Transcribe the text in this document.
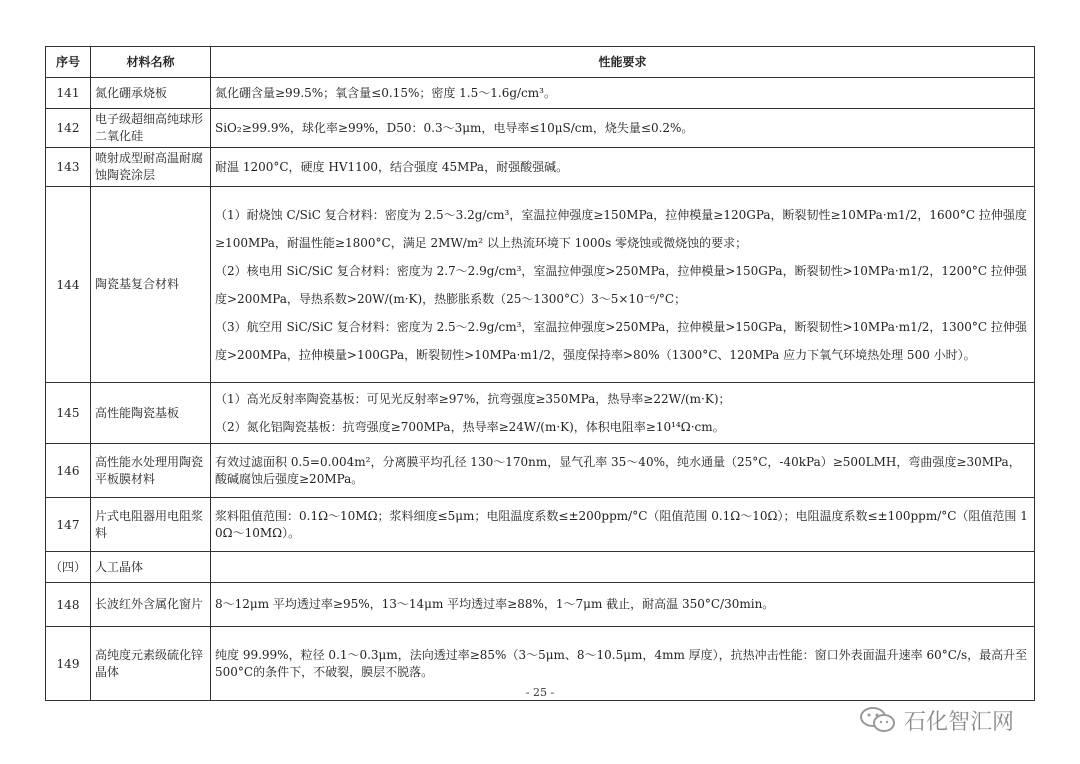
序号	材料名称	性能要求
141	氮化硼承烧板	氮化硼含量≥99.5%；氧含量≤0.15%；密度 1.5～1.6g/cm³。

142	电子级超细高纯球形二氧化硅	SiO₂≥99.9%，球化率≥99%，D50：0.3～3μm，电导率≤10μS/cm，烧失量≤0.2%。

143	喷射成型耐高温耐腐蚀陶瓷涂层	耐温 1200°C，硬度 HV1100，结合强度 45MPa，耐强酸强碱。

144	陶瓷基复合材料	（1）耐烧蚀 C/SiC 复合材料：密度为 2.5～3.2g/cm³，室温拉伸强度≥150MPa，拉伸模量≥120GPa，断裂韧性≥10MPa·m1/2，1600°C 拉伸强度≥100MPa，耐温性能≥1800°C，满足 2MW/m² 以上热流环境下 1000s 零烧蚀或微烧蚀的要求；
（2）核电用 SiC/SiC 复合材料：密度为 2.7～2.9g/cm³，室温拉伸强度>250MPa，拉伸模量>150GPa，断裂韧性>10MPa·m1/2，1200°C 拉伸强度>200MPa，导热系数>20W/(m·K)，热膨胀系数（25～1300°C）3～5×10⁻⁶/°C；
（3）航空用 SiC/SiC 复合材料：密度为 2.5～2.9g/cm³，室温拉伸强度>250MPa，拉伸模量>150GPa，断裂韧性>10MPa·m1/2，1300°C 拉伸强度>200MPa，拉伸模量>100GPa，断裂韧性>10MPa·m1/2，强度保持率>80%（1300°C、120MPa 应力下氧气环境热处理 500 小时）。

145	高性能陶瓷基板	（1）高光反射率陶瓷基板：可见光反射率≥97%，抗弯强度≥350MPa，热导率≥22W/(m·K)；
（2）氮化铝陶瓷基板：抗弯强度≥700MPa，热导率≥24W/(m·K)，体积电阻率≥10¹⁴Ω·cm。

146	高性能水处理用陶瓷平板膜材料	有效过滤面积 0.5=0.004m²，分离膜平均孔径 130～170nm，显气孔率 35～40%，纯水通量（25°C，-40kPa）≥500LMH，弯曲强度≥30MPa，酸碱腐蚀后强度≥20MPa。

147	片式电阻器用电阻浆料	浆料阻值范围：0.1Ω～10MΩ；浆料细度≤5μm；电阻温度系数≤±200ppm/°C（阻值范围 0.1Ω～10Ω）；电阻温度系数≤±100ppm/°C（阻值范围 10Ω～10MΩ）。

（四）	人工晶体	

148	长波红外含属化窗片	8～12μm 平均透过率≥95%，13～14μm 平均透过率≥88%，1～7μm 截止，耐高温 350°C/30min。

149	高纯度元素级硫化锌晶体	纯度 99.99%，粒径 0.1～0.3μm，法向透过率≥85%（3～5μm、8～10.5μm，4mm 厚度），抗热冲击性能：窗口外表面温升速率 60°C/s，最高升至 500°C的条件下，不破裂，膜层不脱落。
- 25 -
石化智汇网
